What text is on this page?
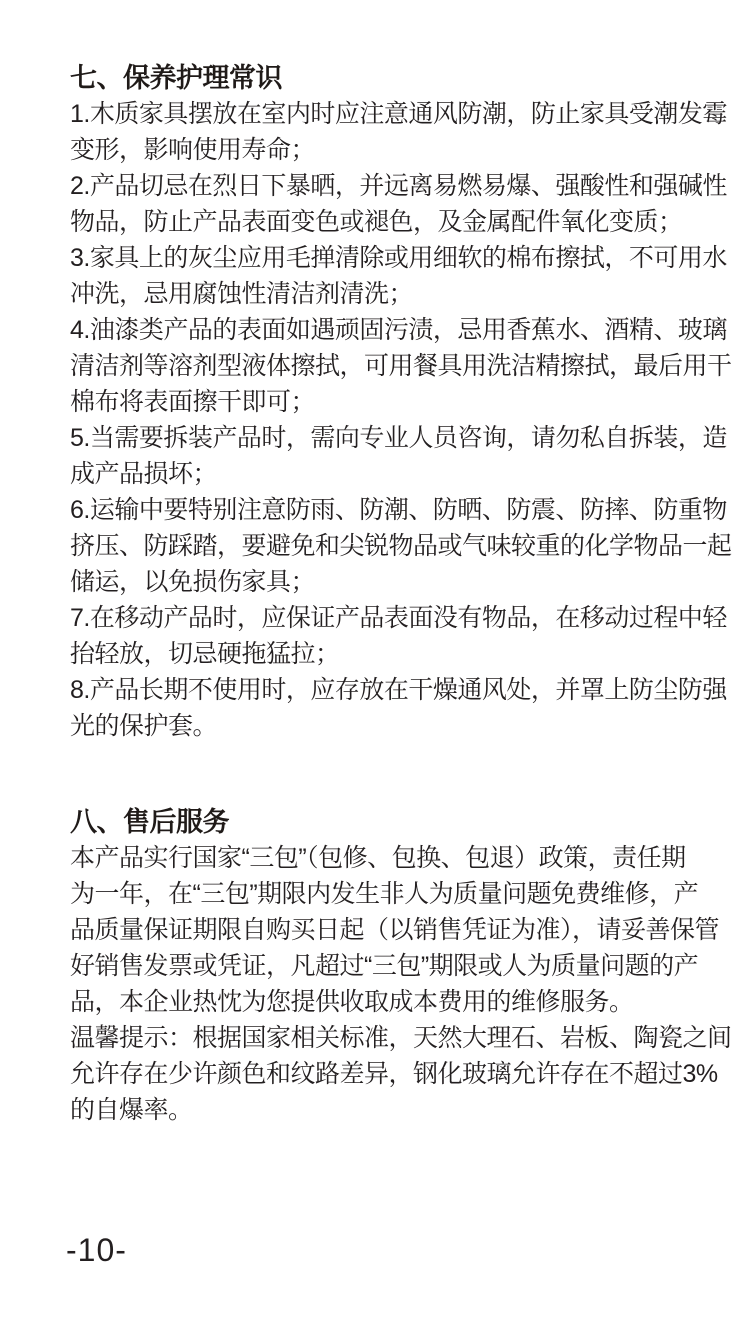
七、保养护理常识
1.木质家具摆放在室内时应注意通风防潮，防止家具受潮发霉
变形，影响使用寿命；
2.产品切忌在烈日下暴晒，并远离易燃易爆、强酸性和强碱性
物品，防止产品表面变色或褪色，及金属配件氧化变质；
3.家具上的灰尘应用毛掸清除或用细软的棉布擦拭，不可用水
冲洗，忌用腐蚀性清洁剂清洗；
4.油漆类产品的表面如遇顽固污渍，忌用香蕉水、酒精、玻璃
清洁剂等溶剂型液体擦拭，可用餐具用洗洁精擦拭，最后用干
棉布将表面擦干即可；
5.当需要拆装产品时，需向专业人员咨询，请勿私自拆装，造
成产品损坏；
6.运输中要特别注意防雨、防潮、防晒、防震、防摔、防重物
挤压、防踩踏，要避免和尖锐物品或气味较重的化学物品一起
储运，以免损伤家具；
7.在移动产品时，应保证产品表面没有物品，在移动过程中轻
抬轻放，切忌硬拖猛拉；
8.产品长期不使用时，应存放在干燥通风处，并罩上防尘防强
光的保护套。
八、售后服务
本产品实行国家“三包”（包修、包换、包退）政策，责任期
为一年，在“三包”期限内发生非人为质量问题免费维修，产
品质量保证期限自购买日起（以销售凭证为准），请妥善保管
好销售发票或凭证，凡超过“三包”期限或人为质量问题的产
品，本企业热忱为您提供收取成本费用的维修服务。
温馨提示：根据国家相关标准，天然大理石、岩板、陶瓷之间
允许存在少许颜色和纹路差异，钢化玻璃允许存在不超过3%
的自爆率。
-10-
